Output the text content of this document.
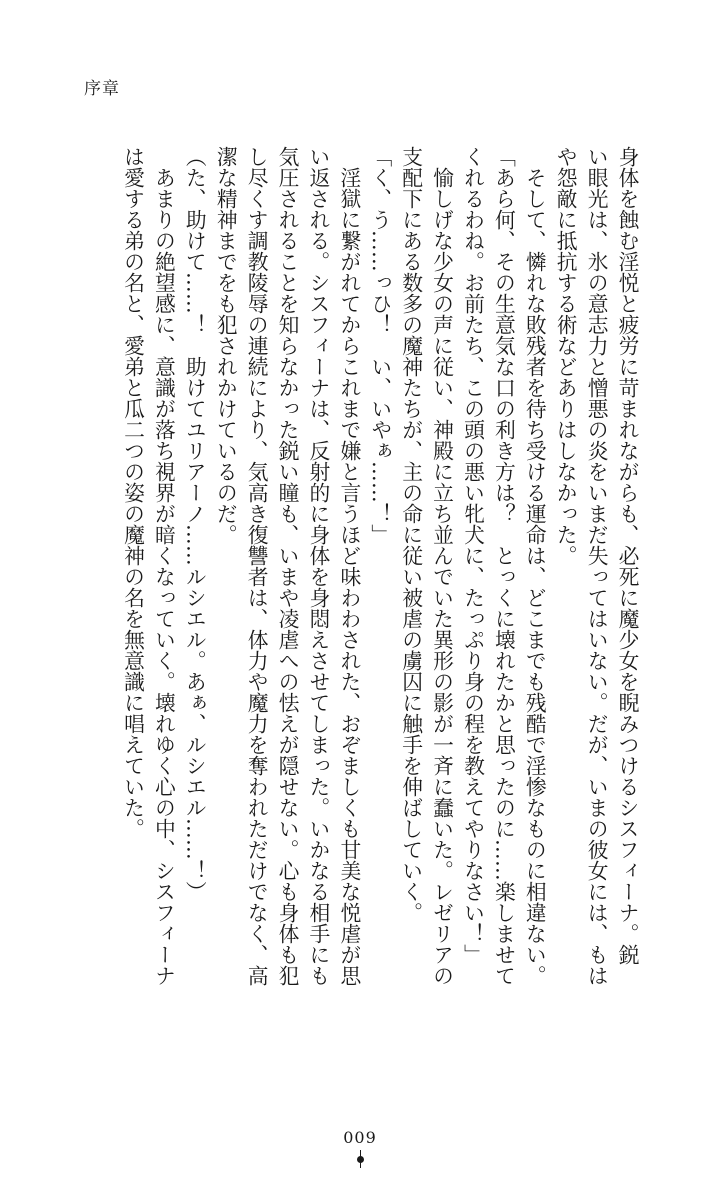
序章
身体を蝕む淫悦と疲労に苛まれながらも、必死に魔少女を睨みつけるシスフィーナ。鋭
い眼光は、氷の意志力と憎悪の炎をいまだ失ってはいない。だが、いまの彼女には、もは
や怨敵に抵抗する術などありはしなかった。
　そして、憐れな敗残者を待ち受ける運命は、どこまでも残酷で淫惨なものに相違ない。
「あら何、その生意気な口の利き方は？　とっくに壊れたかと思ったのに……楽しませて
くれるわね。お前たち、この頭の悪い牝犬に、たっぷり身の程を教えてやりなさい！」
　愉しげな少女の声に従い、神殿に立ち並んでいた異形の影が一斉に蠢いた。レゼリアの
支配下にある数多の魔神たちが、主の命に従い被虐の虜囚に触手を伸ばしていく。
「く、う……っひ！　い、いやぁ……！」
　淫獄に繋がれてからこれまで嫌と言うほど味わわされた、おぞましくも甘美な悦虐が思
い返される。シスフィーナは、反射的に身体を身悶えさせてしまった。いかなる相手にも
気圧されることを知らなかった鋭い瞳も、いまや凌虐への怯えが隠せない。心も身体も犯
し尽くす調教陵辱の連続により、気高き復讐者は、体力や魔力を奪われただけでなく、高
潔な精神までをも犯されかけているのだ。
（た、助けて……！　助けてユリアーノ……ルシエル。あぁ、ルシエル……！）
　あまりの絶望感に、意識が落ち視界が暗くなっていく。壊れゆく心の中、シスフィーナ
は愛する弟の名と、愛弟と瓜二つの姿の魔神の名を無意識に唱えていた。
009
